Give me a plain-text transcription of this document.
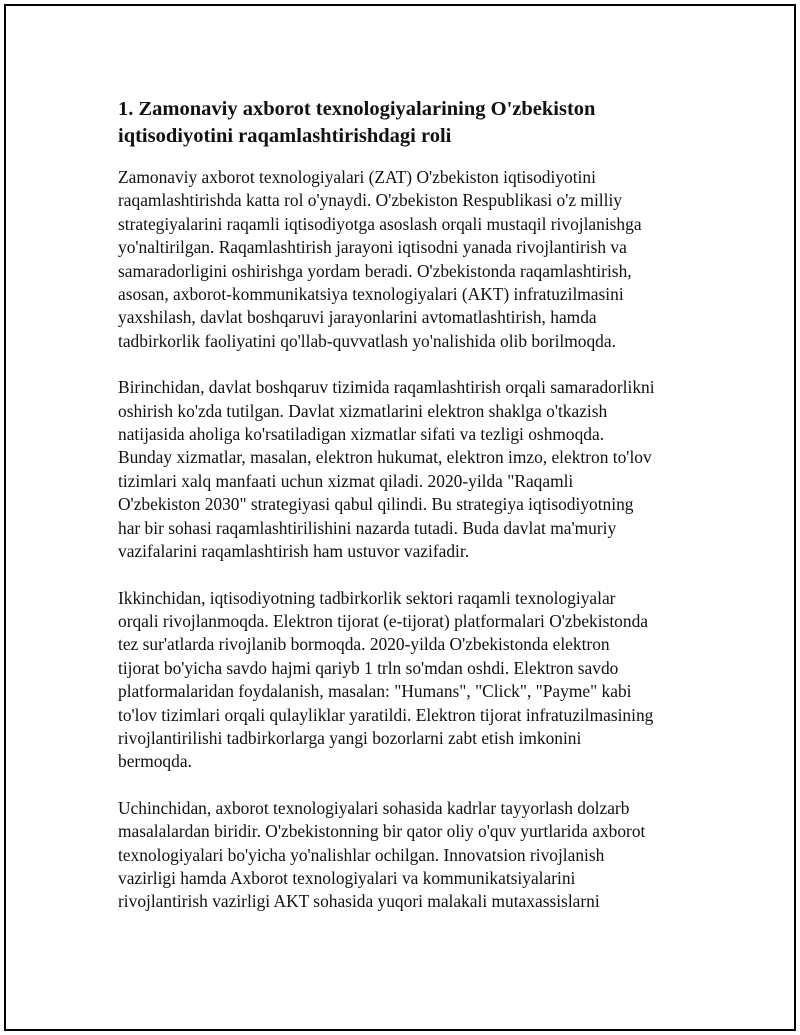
1. Zamonaviy axborot texnologiyalarining O'zbekiston
iqtisodiyotini raqamlashtirishdagi roli

Zamonaviy axborot texnologiyalari (ZAT) O'zbekiston iqtisodiyotini
raqamlashtirishda katta rol o'ynaydi. O'zbekiston Respublikasi o'z milliy
strategiyalarini raqamli iqtisodiyotga asoslash orqali mustaqil rivojlanishga
yo'naltirilgan. Raqamlashtirish jarayoni iqtisodni yanada rivojlantirish va
samaradorligini oshirishga yordam beradi. O'zbekistonda raqamlashtirish,
asosan, axborot-kommunikatsiya texnologiyalari (AKT) infratuzilmasini
yaxshilash, davlat boshqaruvi jarayonlarini avtomatlashtirish, hamda
tadbirkorlik faoliyatini qo'llab-quvvatlash yo'nalishida olib borilmoqda.

Birinchidan, davlat boshqaruv tizimida raqamlashtirish orqali samaradorlikni
oshirish ko'zda tutilgan. Davlat xizmatlarini elektron shaklga o'tkazish
natijasida aholiga ko'rsatiladigan xizmatlar sifati va tezligi oshmoqda.
Bunday xizmatlar, masalan, elektron hukumat, elektron imzo, elektron to'lov
tizimlari xalq manfaati uchun xizmat qiladi. 2020-yilda "Raqamli
O'zbekiston 2030" strategiyasi qabul qilindi. Bu strategiya iqtisodiyotning
har bir sohasi raqamlashtirilishini nazarda tutadi. Buda davlat ma'muriy
vazifalarini raqamlashtirish ham ustuvor vazifadir.

Ikkinchidan, iqtisodiyotning tadbirkorlik sektori raqamli texnologiyalar
orqali rivojlanmoqda. Elektron tijorat (e-tijorat) platformalari O'zbekistonda
tez sur'atlarda rivojlanib bormoqda. 2020-yilda O'zbekistonda elektron
tijorat bo'yicha savdo hajmi qariyb 1 trln so'mdan oshdi. Elektron savdo
platformalaridan foydalanish, masalan: "Humans", "Click", "Payme" kabi
to'lov tizimlari orqali qulayliklar yaratildi. Elektron tijorat infratuzilmasining
rivojlantirilishi tadbirkorlarga yangi bozorlarni zabt etish imkonini
bermoqda.

Uchinchidan, axborot texnologiyalari sohasida kadrlar tayyorlash dolzarb
masalalardan biridir. O'zbekistonning bir qator oliy o'quv yurtlarida axborot
texnologiyalari bo'yicha yo'nalishlar ochilgan. Innovatsion rivojlanish
vazirligi hamda Axborot texnologiyalari va kommunikatsiyalarini
rivojlantirish vazirligi AKT sohasida yuqori malakali mutaxassislarni
